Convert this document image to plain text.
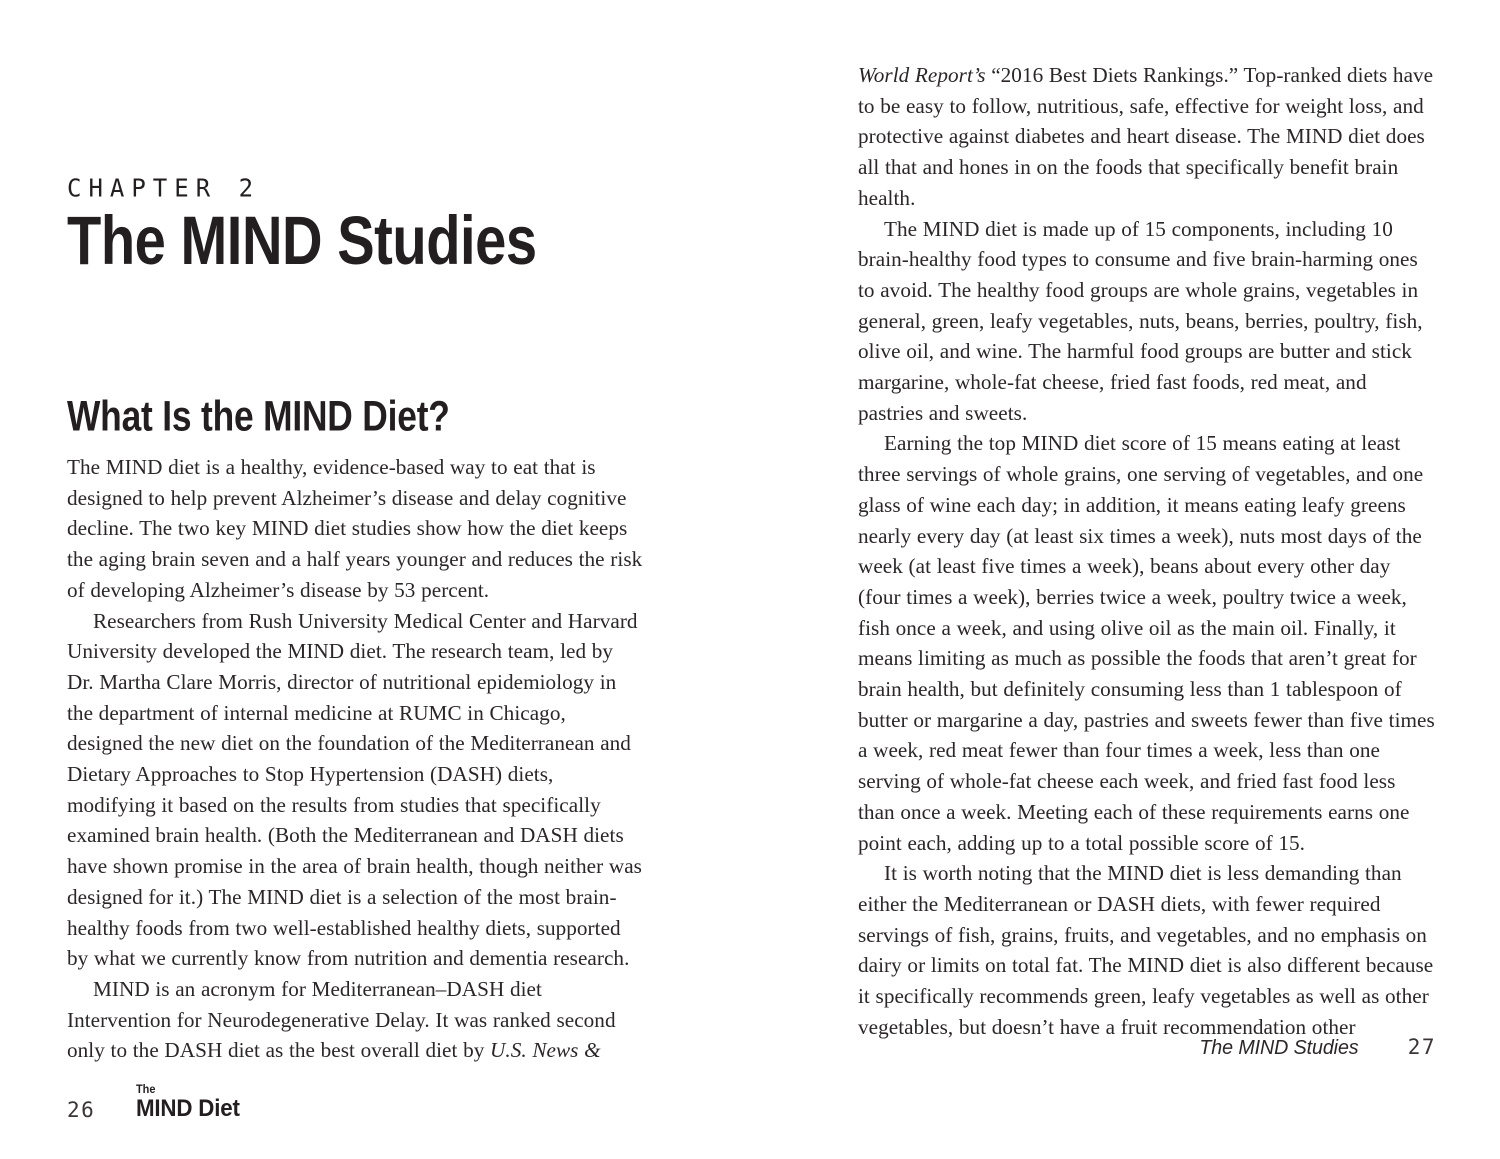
CHAPTER 2
The MIND Studies
What Is the MIND Diet?

The MIND diet is a healthy, evidence-based way to eat that is designed to help prevent Alzheimer’s disease and delay cognitive decline. The two key MIND diet studies show how the diet keeps the aging brain seven and a half years younger and reduces the risk of developing Alzheimer’s disease by 53 percent.

Researchers from Rush University Medical Center and Harvard University developed the MIND diet. The research team, led by Dr. Martha Clare Morris, director of nutritional epidemiology in the department of internal medicine at RUMC in Chicago, designed the new diet on the foundation of the Mediterranean and Dietary Approaches to Stop Hypertension (DASH) diets, modifying it based on the results from studies that specifically examined brain health. (Both the Mediterranean and DASH diets have shown promise in the area of brain health, though neither was designed for it.) The MIND diet is a selection of the most brain-healthy foods from two well-established healthy diets, supported by what we currently know from nutrition and dementia research.

MIND is an acronym for Mediterranean–DASH diet Intervention for Neurodegenerative Delay. It was ranked second only to the DASH diet as the best overall diet by U.S. News &

World Report’s “2016 Best Diets Rankings.” Top-ranked diets have to be easy to follow, nutritious, safe, effective for weight loss, and protective against diabetes and heart disease. The MIND diet does all that and hones in on the foods that specifically benefit brain health.

The MIND diet is made up of 15 components, including 10 brain-healthy food types to consume and five brain-harming ones to avoid. The healthy food groups are whole grains, vegetables in general, green, leafy vegetables, nuts, beans, berries, poultry, fish, olive oil, and wine. The harmful food groups are butter and stick margarine, whole-fat cheese, fried fast foods, red meat, and pastries and sweets.

Earning the top MIND diet score of 15 means eating at least three servings of whole grains, one serving of vegetables, and one glass of wine each day; in addition, it means eating leafy greens nearly every day (at least six times a week), nuts most days of the week (at least five times a week), beans about every other day (four times a week), berries twice a week, poultry twice a week, fish once a week, and using olive oil as the main oil. Finally, it means limiting as much as possible the foods that aren’t great for brain health, but definitely consuming less than 1 tablespoon of butter or margarine a day, pastries and sweets fewer than five times a week, red meat fewer than four times a week, less than one serving of whole-fat cheese each week, and fried fast food less than once a week. Meeting each of these requirements earns one point each, adding up to a total possible score of 15.

It is worth noting that the MIND diet is less demanding than either the Mediterranean or DASH diets, with fewer required servings of fish, grains, fruits, and vegetables, and no emphasis on dairy or limits on total fat. The MIND diet is also different because it specifically recommends green, leafy vegetables as well as other vegetables, but doesn’t have a fruit recommendation other

26
The
MIND Diet
The MIND Studies 27
